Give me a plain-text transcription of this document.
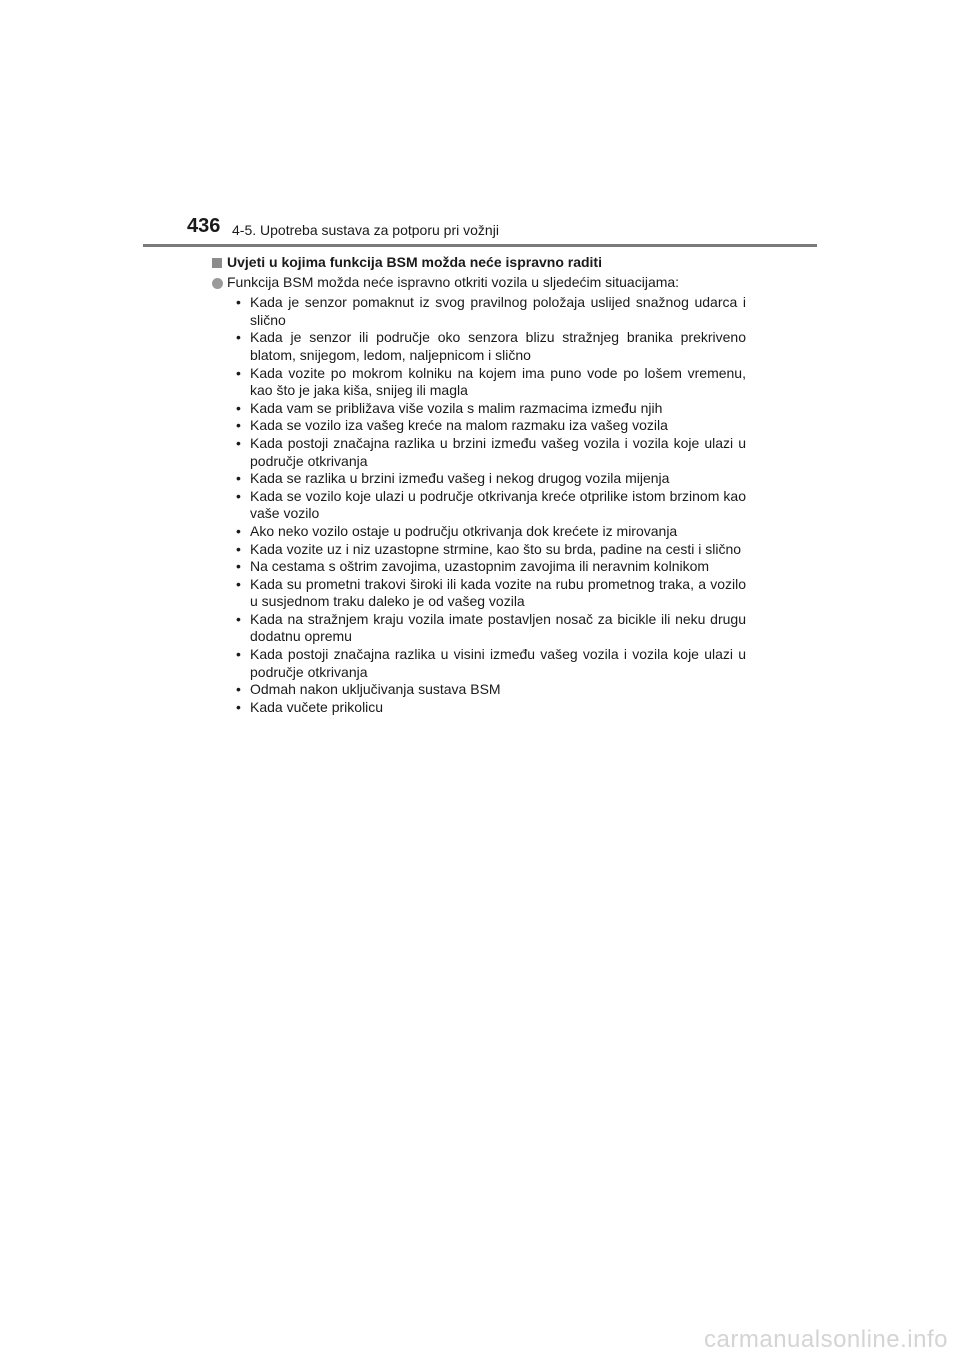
436 4-5. Upotreba sustava za potporu pri vožnji

Uvjeti u kojima funkcija BSM možda neće ispravno raditi

Funkcija BSM možda neće ispravno otkriti vozila u sljedećim situacijama:

• Kada je senzor pomaknut iz svog pravilnog položaja uslijed snažnog udarca i slično
• Kada je senzor ili područje oko senzora blizu stražnjeg branika prekriveno blatom, snijegom, ledom, naljepnicom i slično
• Kada vozite po mokrom kolniku na kojem ima puno vode po lošem vremenu, kao što je jaka kiša, snijeg ili magla
• Kada vam se približava više vozila s malim razmacima između njih
• Kada se vozilo iza vašeg kreće na malom razmaku iza vašeg vozila
• Kada postoji značajna razlika u brzini između vašeg vozila i vozila koje ulazi u područje otkrivanja
• Kada se razlika u brzini između vašeg i nekog drugog vozila mijenja
• Kada se vozilo koje ulazi u područje otkrivanja kreće otprilike istom brzinom kao vaše vozilo
• Ako neko vozilo ostaje u području otkrivanja dok krećete iz mirovanja
• Kada vozite uz i niz uzastopne strmine, kao što su brda, padine na cesti i slično
• Na cestama s oštrim zavojima, uzastopnim zavojima ili neravnim kolnikom
• Kada su prometni trakovi široki ili kada vozite na rubu prometnog traka, a vozilo u susjednom traku daleko je od vašeg vozila
• Kada na stražnjem kraju vozila imate postavljen nosač za bicikle ili neku drugu dodatnu opremu
• Kada postoji značajna razlika u visini između vašeg vozila i vozila koje ulazi u područje otkrivanja
• Odmah nakon uključivanja sustava BSM
• Kada vučete prikolicu
carmanualsonline.info
